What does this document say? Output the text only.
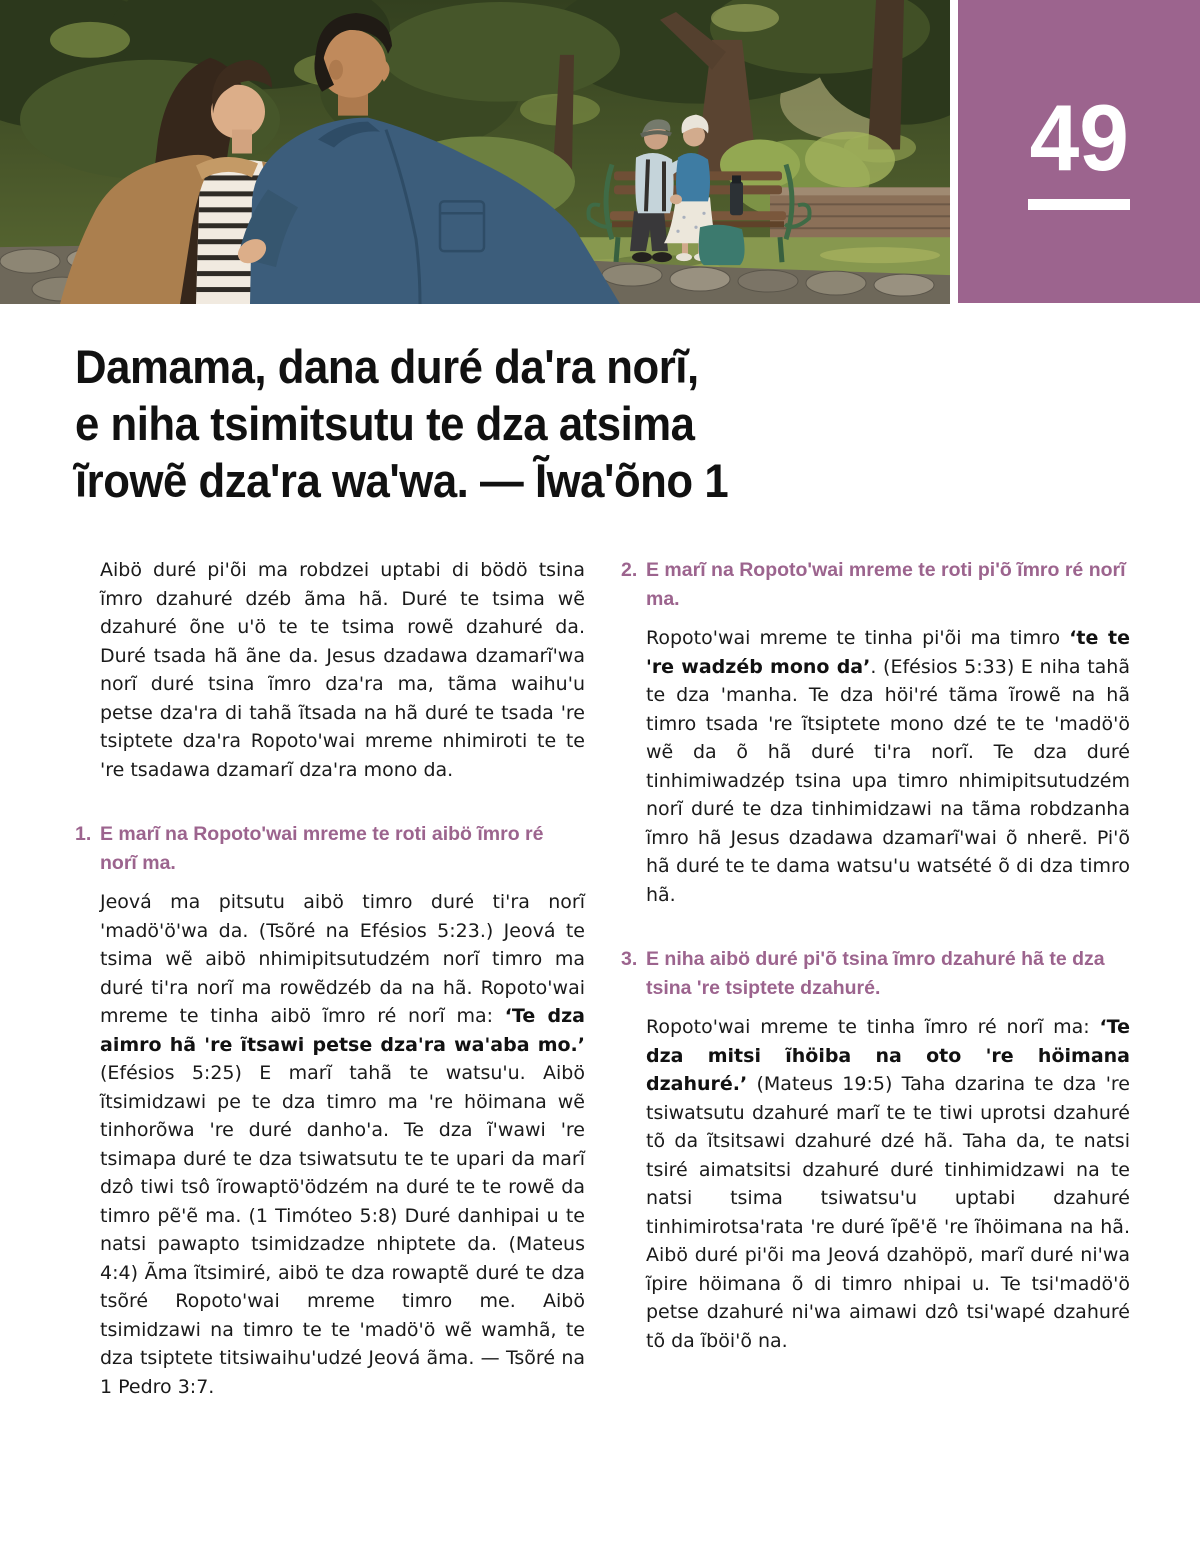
49
Damama, dana duré da'ra norĩ,
e niha tsimitsutu te dza atsima
ĩrowẽ dza'ra wa'wa. — Ĩwa'õno 1

Aibö duré pi'õi ma robdzei uptabi di bödö tsina ĩmro dzahuré dzéb ãma hã. Duré te tsima wẽ dzahuré õne u'ö te te tsima rowẽ dzahuré da. Duré tsada hã ãne da. Jesus dzadawa dzamarĩ'wa norĩ duré tsina ĩmro dza'ra ma, tãma waihu'u petse dza'ra di tahã ĩtsada na hã duré te tsada 're tsiptete dza'ra Ropoto'wai mreme nhimiroti te te 're tsadawa dzamarĩ dza'ra mono da.

1. E marĩ na Ropoto'wai mreme te roti aibö ĩmro ré norĩ ma.

Jeová ma pitsutu aibö timro duré ti'ra norĩ 'madö'ö'wa da. (Tsõré na Efésios 5:23.) Jeová te tsima wẽ aibö nhimipitsutudzém norĩ timro ma duré ti'ra norĩ ma rowẽdzéb da na hã. Ropoto'wai mreme te tinha aibö ĩmro ré norĩ ma: ‘Te dza aimro hã 're ĩtsawi petse dza'ra wa'aba mo.’ (Efésios 5:25) E marĩ tahã te watsu'u. Aibö ĩtsimidzawi pe te dza timro ma 're höimana wẽ tinhorõwa 're duré danho'a. Te dza ĩ'wawi 're tsimapa duré te dza tsiwatsutu te te upari da marĩ dzô tiwi tsô ĩrowaptö'ödzém na duré te te rowẽ da timro pẽ'ẽ ma. (1 Timóteo 5:8) Duré danhipai u te natsi pawapto tsimidzadze nhiptete da. (Mateus 4:4) Ãma ĩtsimiré, aibö te dza rowaptẽ duré te dza tsõré Ropoto'wai mreme timro me. Aibö tsimidzawi na timro te te 'madö'ö wẽ wamhã, te dza tsiptete titsiwaihu'udzé Jeová ãma. — Tsõré na 1 Pedro 3:7.

2. E marĩ na Ropoto'wai mreme te roti pi'õ ĩmro ré norĩ ma.

Ropoto'wai mreme te tinha pi'õi ma timro ‘te te 're wadzéb mono da’. (Efésios 5:33) E niha tahã te dza 'manha. Te dza höi'ré tãma ĩrowẽ na hã timro tsada 're ĩtsiptete mono dzé te te 'madö'ö wẽ da õ hã duré ti'ra norĩ. Te dza duré tinhimiwadzép tsina upa timro nhimipitsutudzém norĩ duré te dza tinhimidzawi na tãma robdzanha ĩmro hã Jesus dzadawa dzamarĩ'wai õ nherẽ. Pi'õ hã duré te te dama watsu'u watsété õ di dza timro hã.

3. E niha aibö duré pi'õ tsina ĩmro dzahuré hã te dza tsina 're tsiptete dzahuré.

Ropoto'wai mreme te tinha ĩmro ré norĩ ma: ‘Te dza mitsi ĩhöiba na oto 're höimana dzahuré.’ (Mateus 19:5) Taha dzarina te dza 're tsiwatsutu dzahuré marĩ te te tiwi uprotsi dzahuré tõ da ĩtsitsawi dzahuré dzé hã. Taha da, te natsi tsiré aimatsitsi dzahuré duré tinhimidzawi na te natsi tsima tsiwatsu'u uptabi dzahuré tinhimirotsa'rata 're duré ĩpẽ'ẽ 're ĩhöimana na hã. Aibö duré pi'õi ma Jeová dzahöpö, marĩ duré ni'wa ĩpire höimana õ di timro nhipai u. Te tsi'madö'ö petse dzahuré ni'wa aimawi dzô tsi'wapé dzahuré tõ da ĩböi'õ na.
